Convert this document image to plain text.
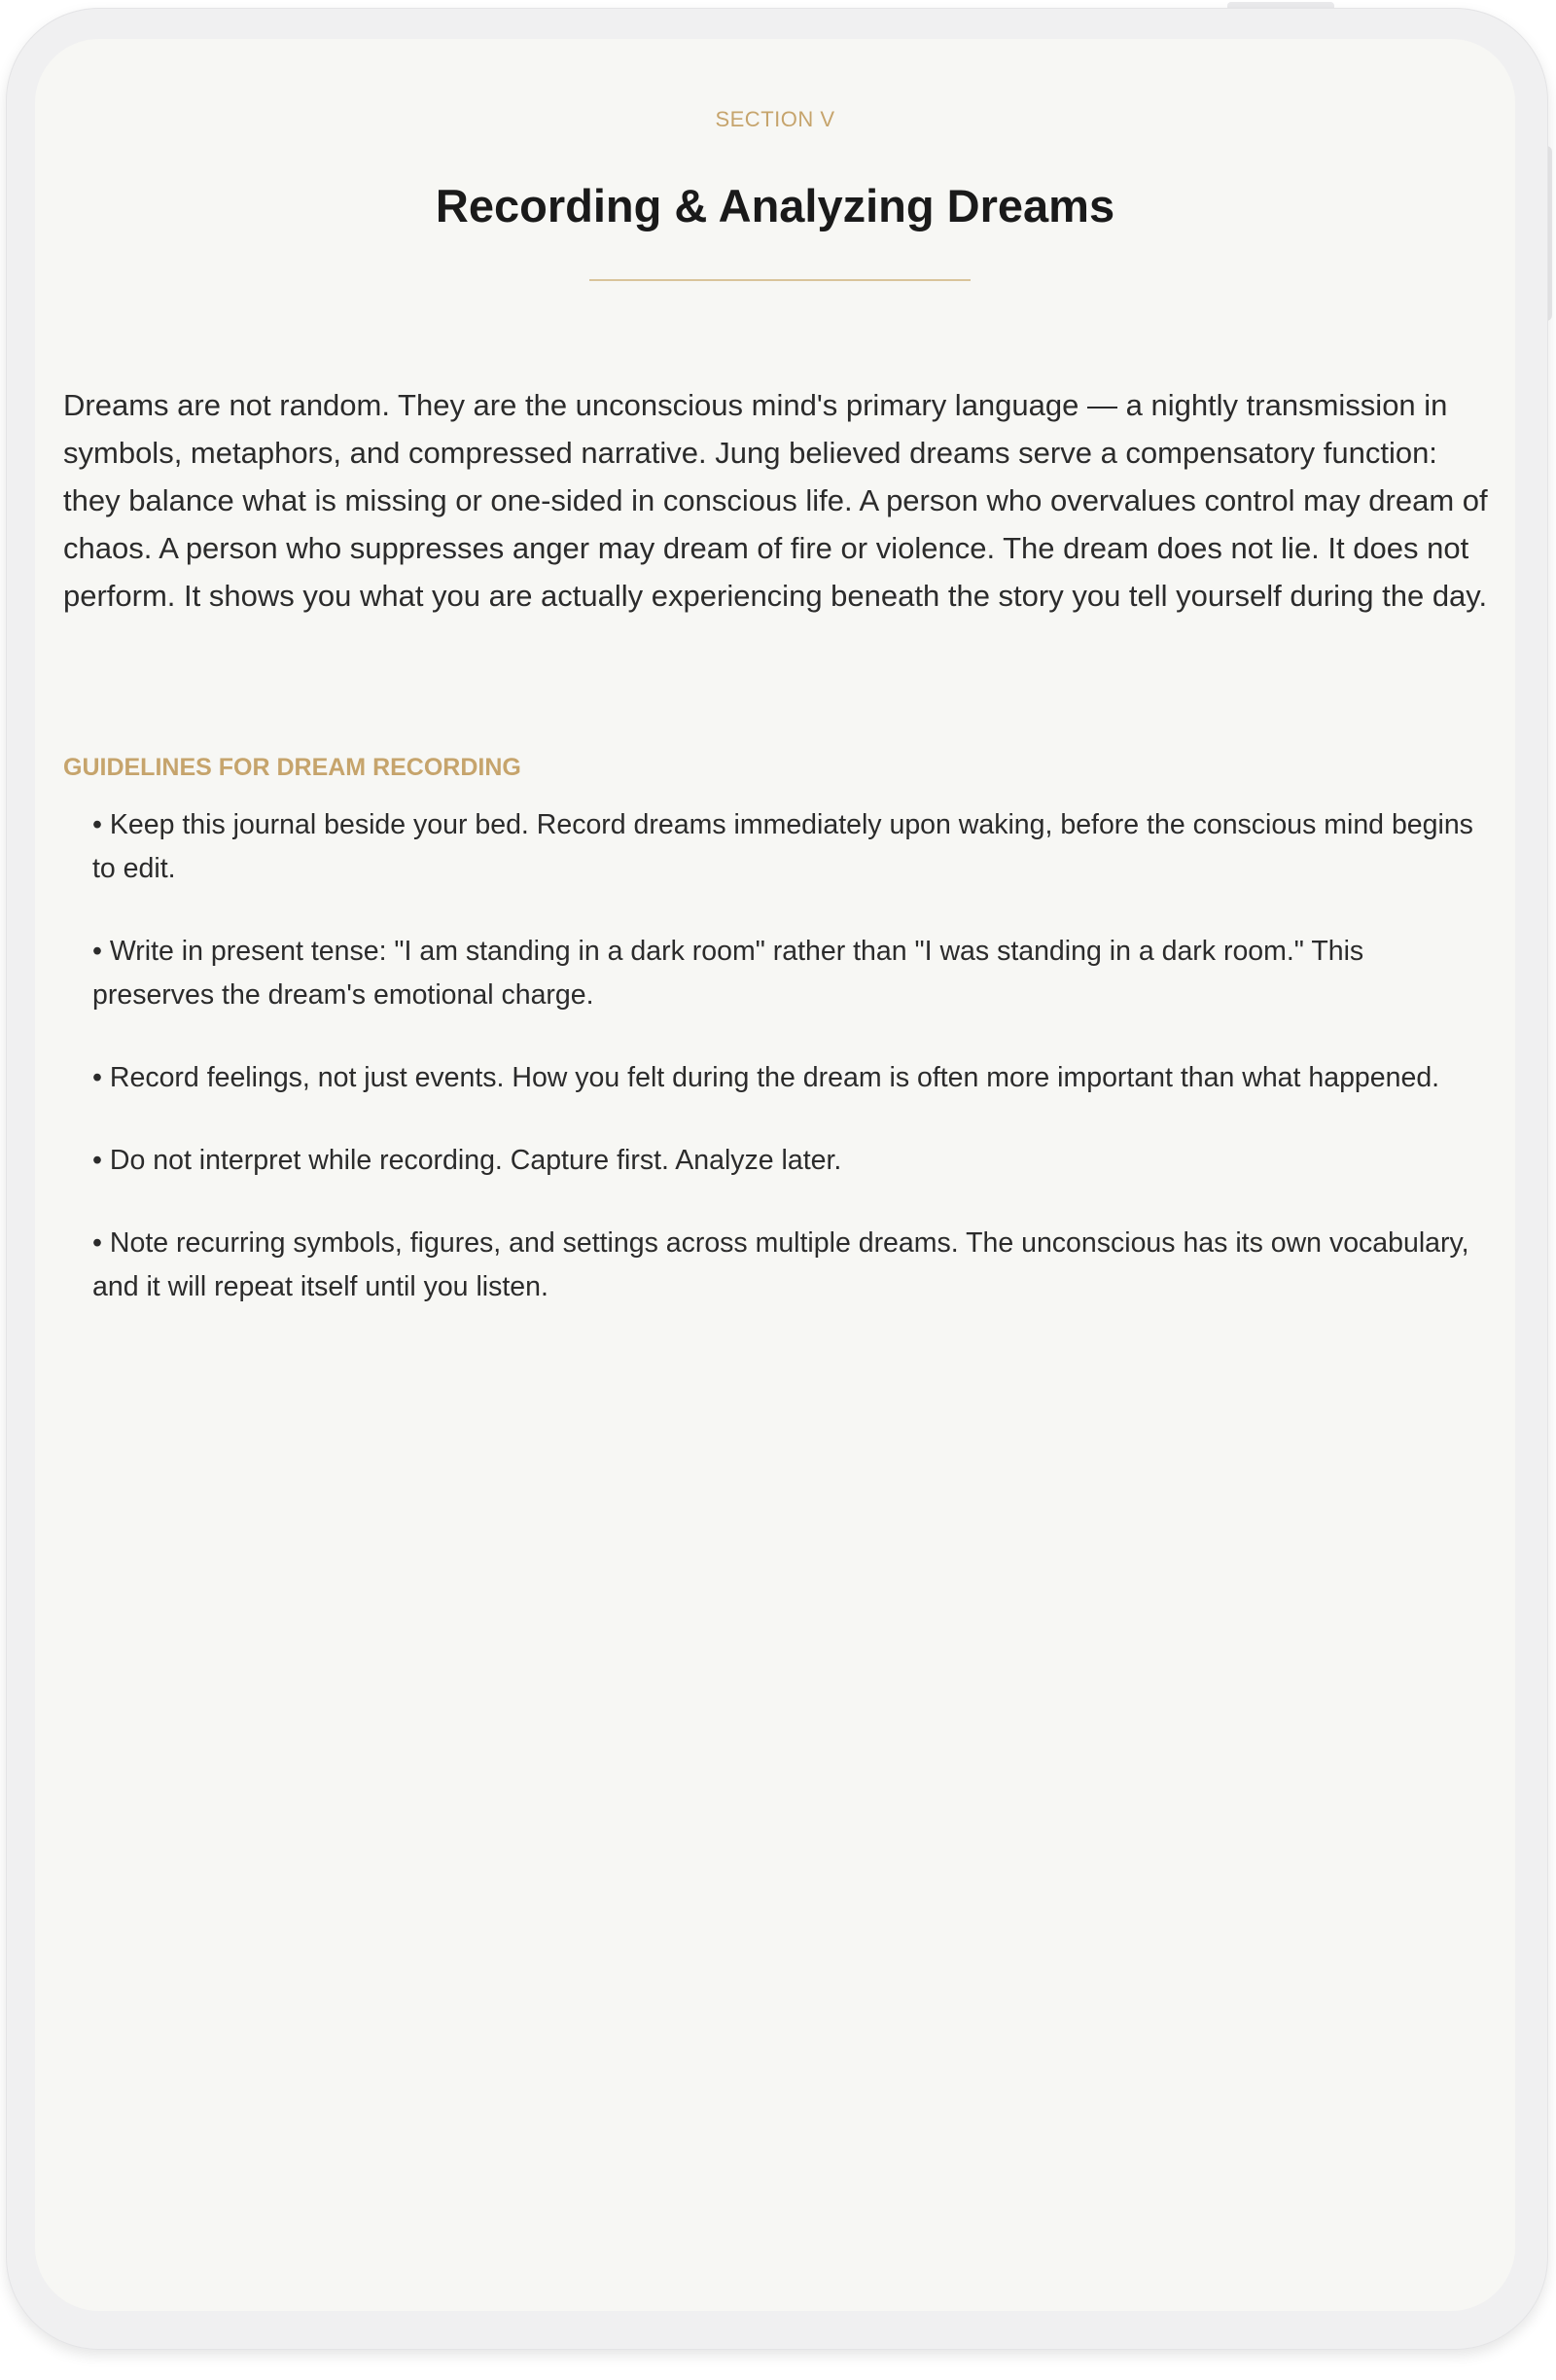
SECTION V
Recording & Analyzing Dreams

Dreams are not random. They are the unconscious mind's primary language — a nightly transmission in symbols, metaphors, and compressed narrative. Jung believed dreams serve a compensatory function: they balance what is missing or one-sided in conscious life. A person who overvalues control may dream of chaos. A person who suppresses anger may dream of fire or violence. The dream does not lie. It does not perform. It shows you what you are actually experiencing beneath the story you tell yourself during the day.

GUIDELINES FOR DREAM RECORDING
• Keep this journal beside your bed. Record dreams immediately upon waking, before the conscious mind begins to edit.
• Write in present tense: "I am standing in a dark room" rather than "I was standing in a dark room." This preserves the dream's emotional charge.
• Record feelings, not just events. How you felt during the dream is often more important than what happened.
• Do not interpret while recording. Capture first. Analyze later.
• Note recurring symbols, figures, and settings across multiple dreams. The unconscious has its own vocabulary, and it will repeat itself until you listen.
